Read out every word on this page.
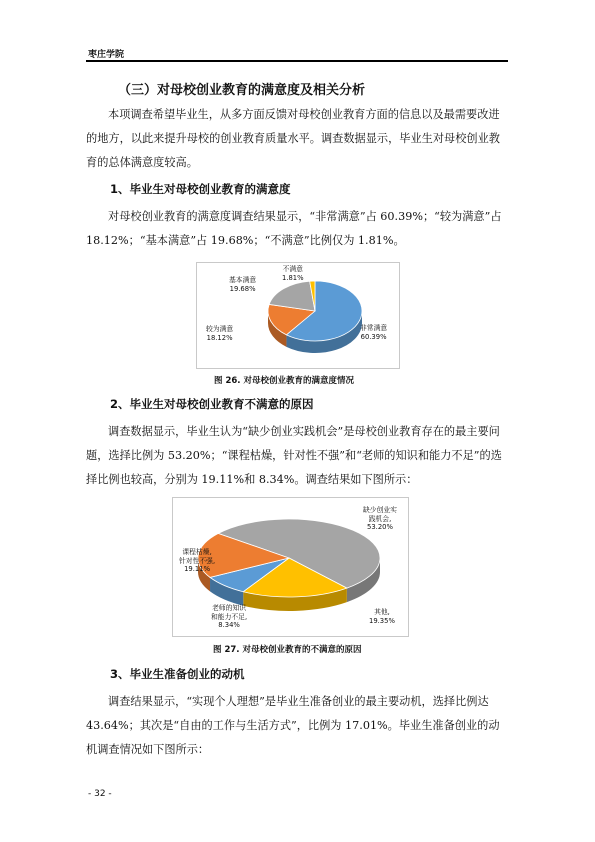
枣庄学院
（三）对母校创业教育的满意度及相关分析

本项调查希望毕业生，从多方面反馈对母校创业教育方面的信息以及最需要改进的地方，以此来提升母校的创业教育质量水平。调查数据显示，毕业生对母校创业教育的总体满意度较高。

1、毕业生对母校创业教育的满意度

对母校创业教育的满意度调查结果显示，“非常满意”占 60.39%；“较为满意”占 18.12%；“基本满意”占 19.68%；“不满意”比例仅为 1.81%。

基本满意
19.68%
不满意
1.81%
较为满意
18.12%
非常满意
60.39%
图 26. 对母校创业教育的满意度情况
2、毕业生对母校创业教育不满意的原因

调查数据显示，毕业生认为“缺少创业实践机会”是母校创业教育存在的最主要问题，选择比例为 53.20%；“课程枯燥，针对性不强”和“老师的知识和能力不足”的选择比例也较高，分别为 19.11%和 8.34%。调查结果如下图所示：

缺少创业实
践机会,
53.20%
课程枯燥,
针对性不强,
19.11%
老师的知识
和能力不足,
8.34%
其他,
19.35%
图 27. 对母校创业教育的不满意的原因
3、毕业生准备创业的动机

调查结果显示，“实现个人理想”是毕业生准备创业的最主要动机，选择比例达 43.64%；其次是“自由的工作与生活方式”，比例为 17.01%。毕业生准备创业的动机调查情况如下图所示：

- 32 -
